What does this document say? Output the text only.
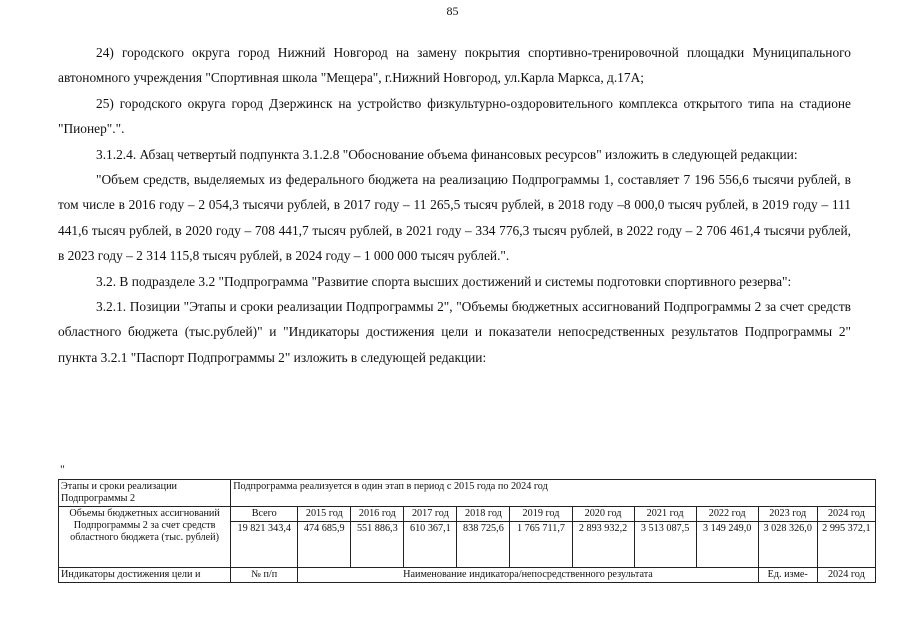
85

24) городского округа город Нижний Новгород на замену покрытия спортивно-тренировочной площадки Муниципального автономного учреждения "Спортивная школа "Мещера", г.Нижний Новгород, ул.Карла Маркса, д.17А;

25) городского округа город Дзержинск на устройство физкультурно-оздоровительного комплекса открытого типа на стадионе "Пионер".".

3.1.2.4. Абзац четвертый подпункта 3.1.2.8 "Обоснование объема финансовых ресурсов" изложить в следующей редакции:

"Объем средств, выделяемых из федерального бюджета на реализацию Подпрограммы 1, составляет 7 196 556,6 тысячи рублей, в том числе в 2016 году – 2 054,3 тысячи рублей, в 2017 году – 11 265,5 тысяч рублей, в 2018 году –8 000,0 тысяч рублей, в 2019 году – 111 441,6 тысяч рублей, в 2020 году – 708 441,7 тысяч рублей, в 2021 году – 334 776,3 тысяч рублей, в 2022 году – 2 706 461,4 тысячи рублей, в 2023 году – 2 314 115,8 тысяч рублей, в 2024 году – 1 000 000 тысяч рублей.".

3.2. В подразделе 3.2 "Подпрограмма "Развитие спорта высших достижений и системы подготовки спортивного резерва":

3.2.1. Позиции "Этапы и сроки реализации Подпрограммы 2", "Объемы бюджетных ассигнований Подпрограммы 2 за счет средств областного бюджета (тыс.рублей)" и "Индикаторы достижения цели и показатели непосредственных результатов Подпрограммы 2" пункта 3.2.1 "Паспорт Подпрограммы 2" изложить в следующей редакции:

"
Этапы и сроки реализации Подпрограммы 2	Подпрограмма реализуется в один этап в период с 2015 года по 2024 год										
Объемы бюджетных ассигнований Подпрограммы 2 за счет средств областного бюджета (тыс. рублей)	Всего	2015 год	2016 год	2017 год	2018 год	2019 год	2020 год	2021 год	2022 год	2023 год	2024 год
	19 821 343,4	474 685,9	551 886,3	610 367,1	838 725,6	1 765 711,7	2 893 932,2	3 513 087,5	3 149 249,0	3 028 326,0	2 995 372,1
Индикаторы достижения цели и	№ п/п	Наименование индикатора/непосредственного результата								Ед. изме-	2024 год
